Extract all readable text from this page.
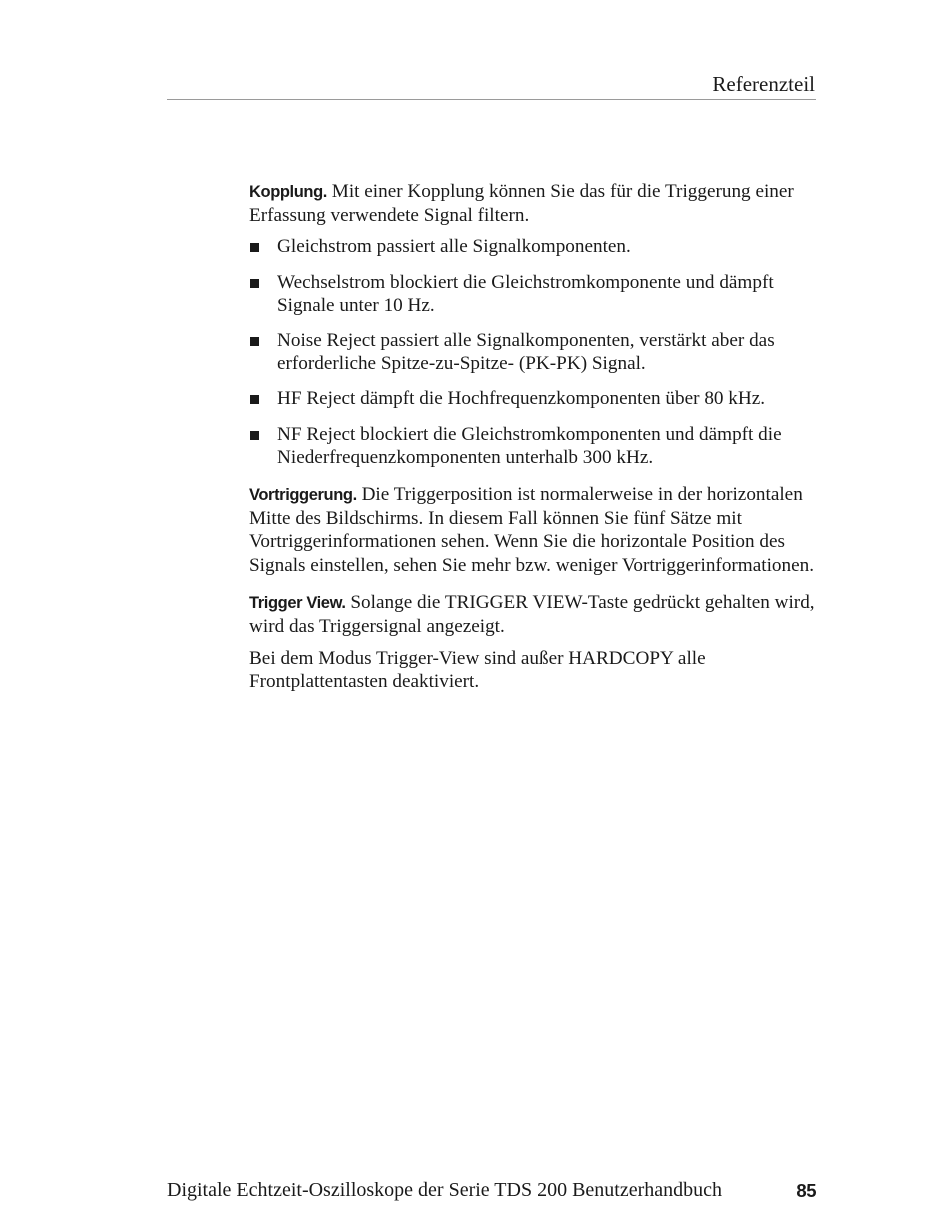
Referenzteil

Kopplung. Mit einer Kopplung können Sie das für die Triggerung einer Erfassung verwendete Signal filtern.

Gleichstrom passiert alle Signalkomponenten.
Wechselstrom blockiert die Gleichstromkomponente und dämpft Signale unter 10 Hz.
Noise Reject passiert alle Signalkomponenten, verstärkt aber das erforderliche Spitze-zu-Spitze- (PK-PK) Signal.
HF Reject dämpft die Hochfrequenzkomponenten über 80 kHz.
NF Reject blockiert die Gleichstromkomponenten und dämpft die Niederfrequenzkomponenten unterhalb 300 kHz.

Vortriggerung. Die Triggerposition ist normalerweise in der horizontalen Mitte des Bildschirms. In diesem Fall können Sie fünf Sätze mit Vortriggerinformationen sehen. Wenn Sie die horizontale Position des Signals einstellen, sehen Sie mehr bzw. weniger Vortriggerinformationen.

Trigger View. Solange die TRIGGER VIEW-Taste gedrückt gehalten wird, wird das Triggersignal angezeigt.

Bei dem Modus Trigger-View sind außer HARDCOPY alle Frontplattentasten deaktiviert.

Digitale Echtzeit-Oszilloskope der Serie TDS 200 Benutzerhandbuch	85
